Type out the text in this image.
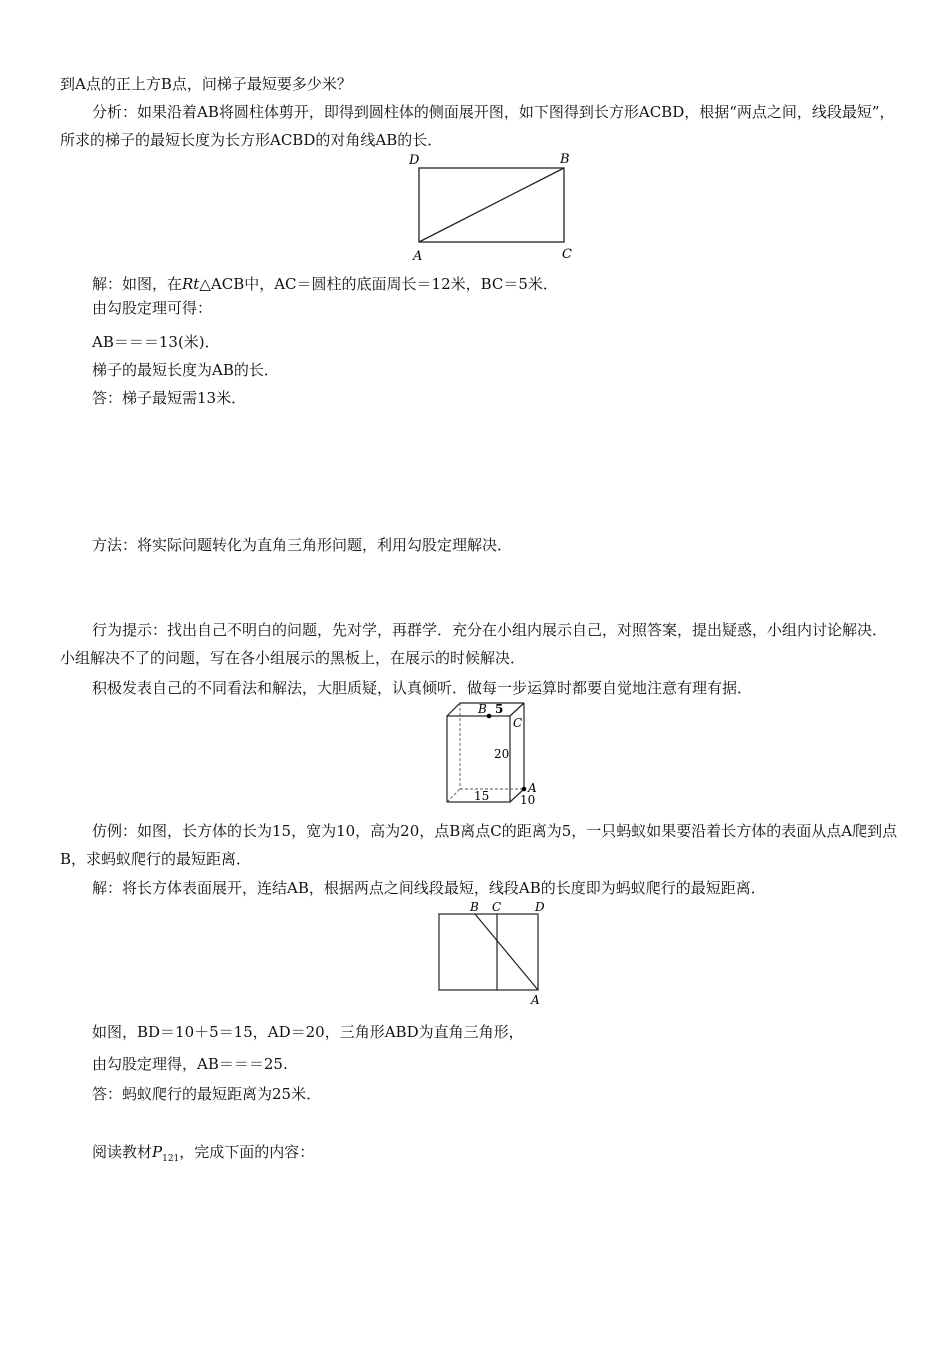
到A点的正上方B点，问梯子最短要多少米？

分析：如果沿着AB将圆柱体剪开，即得到圆柱体的侧面展开图，如下图得到长方形ACBD，根据“两点之间，线段最短”，所求的梯子的最短长度为长方形ACBD的对角线AB的长．

D	B
A	C

解：如图，在Rt△ACB中，AC＝圆柱的底面周长＝12米，BC＝5米．

由勾股定理可得：

AB＝＝＝13(米)．

梯子的最短长度为AB的长．

答：梯子最短需13米．

方法：将实际问题转化为直角三角形问题，利用勾股定理解决．

行为提示：找出自己不明白的问题，先对学，再群学．充分在小组内展示自己，对照答案，提出疑惑，小组内讨论解决．小组解决不了的问题，写在各小组展示的黑板上，在展示的时候解决．

积极发表自己的不同看法和解法，大胆质疑，认真倾听．做每一步运算时都要自觉地注意有理有据．

B 5
C
20
A
15	10

仿例：如图，长方体的长为15，宽为10，高为20，点B离点C的距离为5，一只蚂蚁如果要沿着长方体的表面从点A爬到点B，求蚂蚁爬行的最短距离．

解：将长方体表面展开，连结AB，根据两点之间线段最短，线段AB的长度即为蚂蚁爬行的最短距离．

B C	D
A

如图，BD＝10＋5＝15，AD＝20，三角形ABD为直角三角形，

由勾股定理得，AB＝＝＝25.

答：蚂蚁爬行的最短距离为25米．

阅读教材$P_{121}$，完成下面的内容：
